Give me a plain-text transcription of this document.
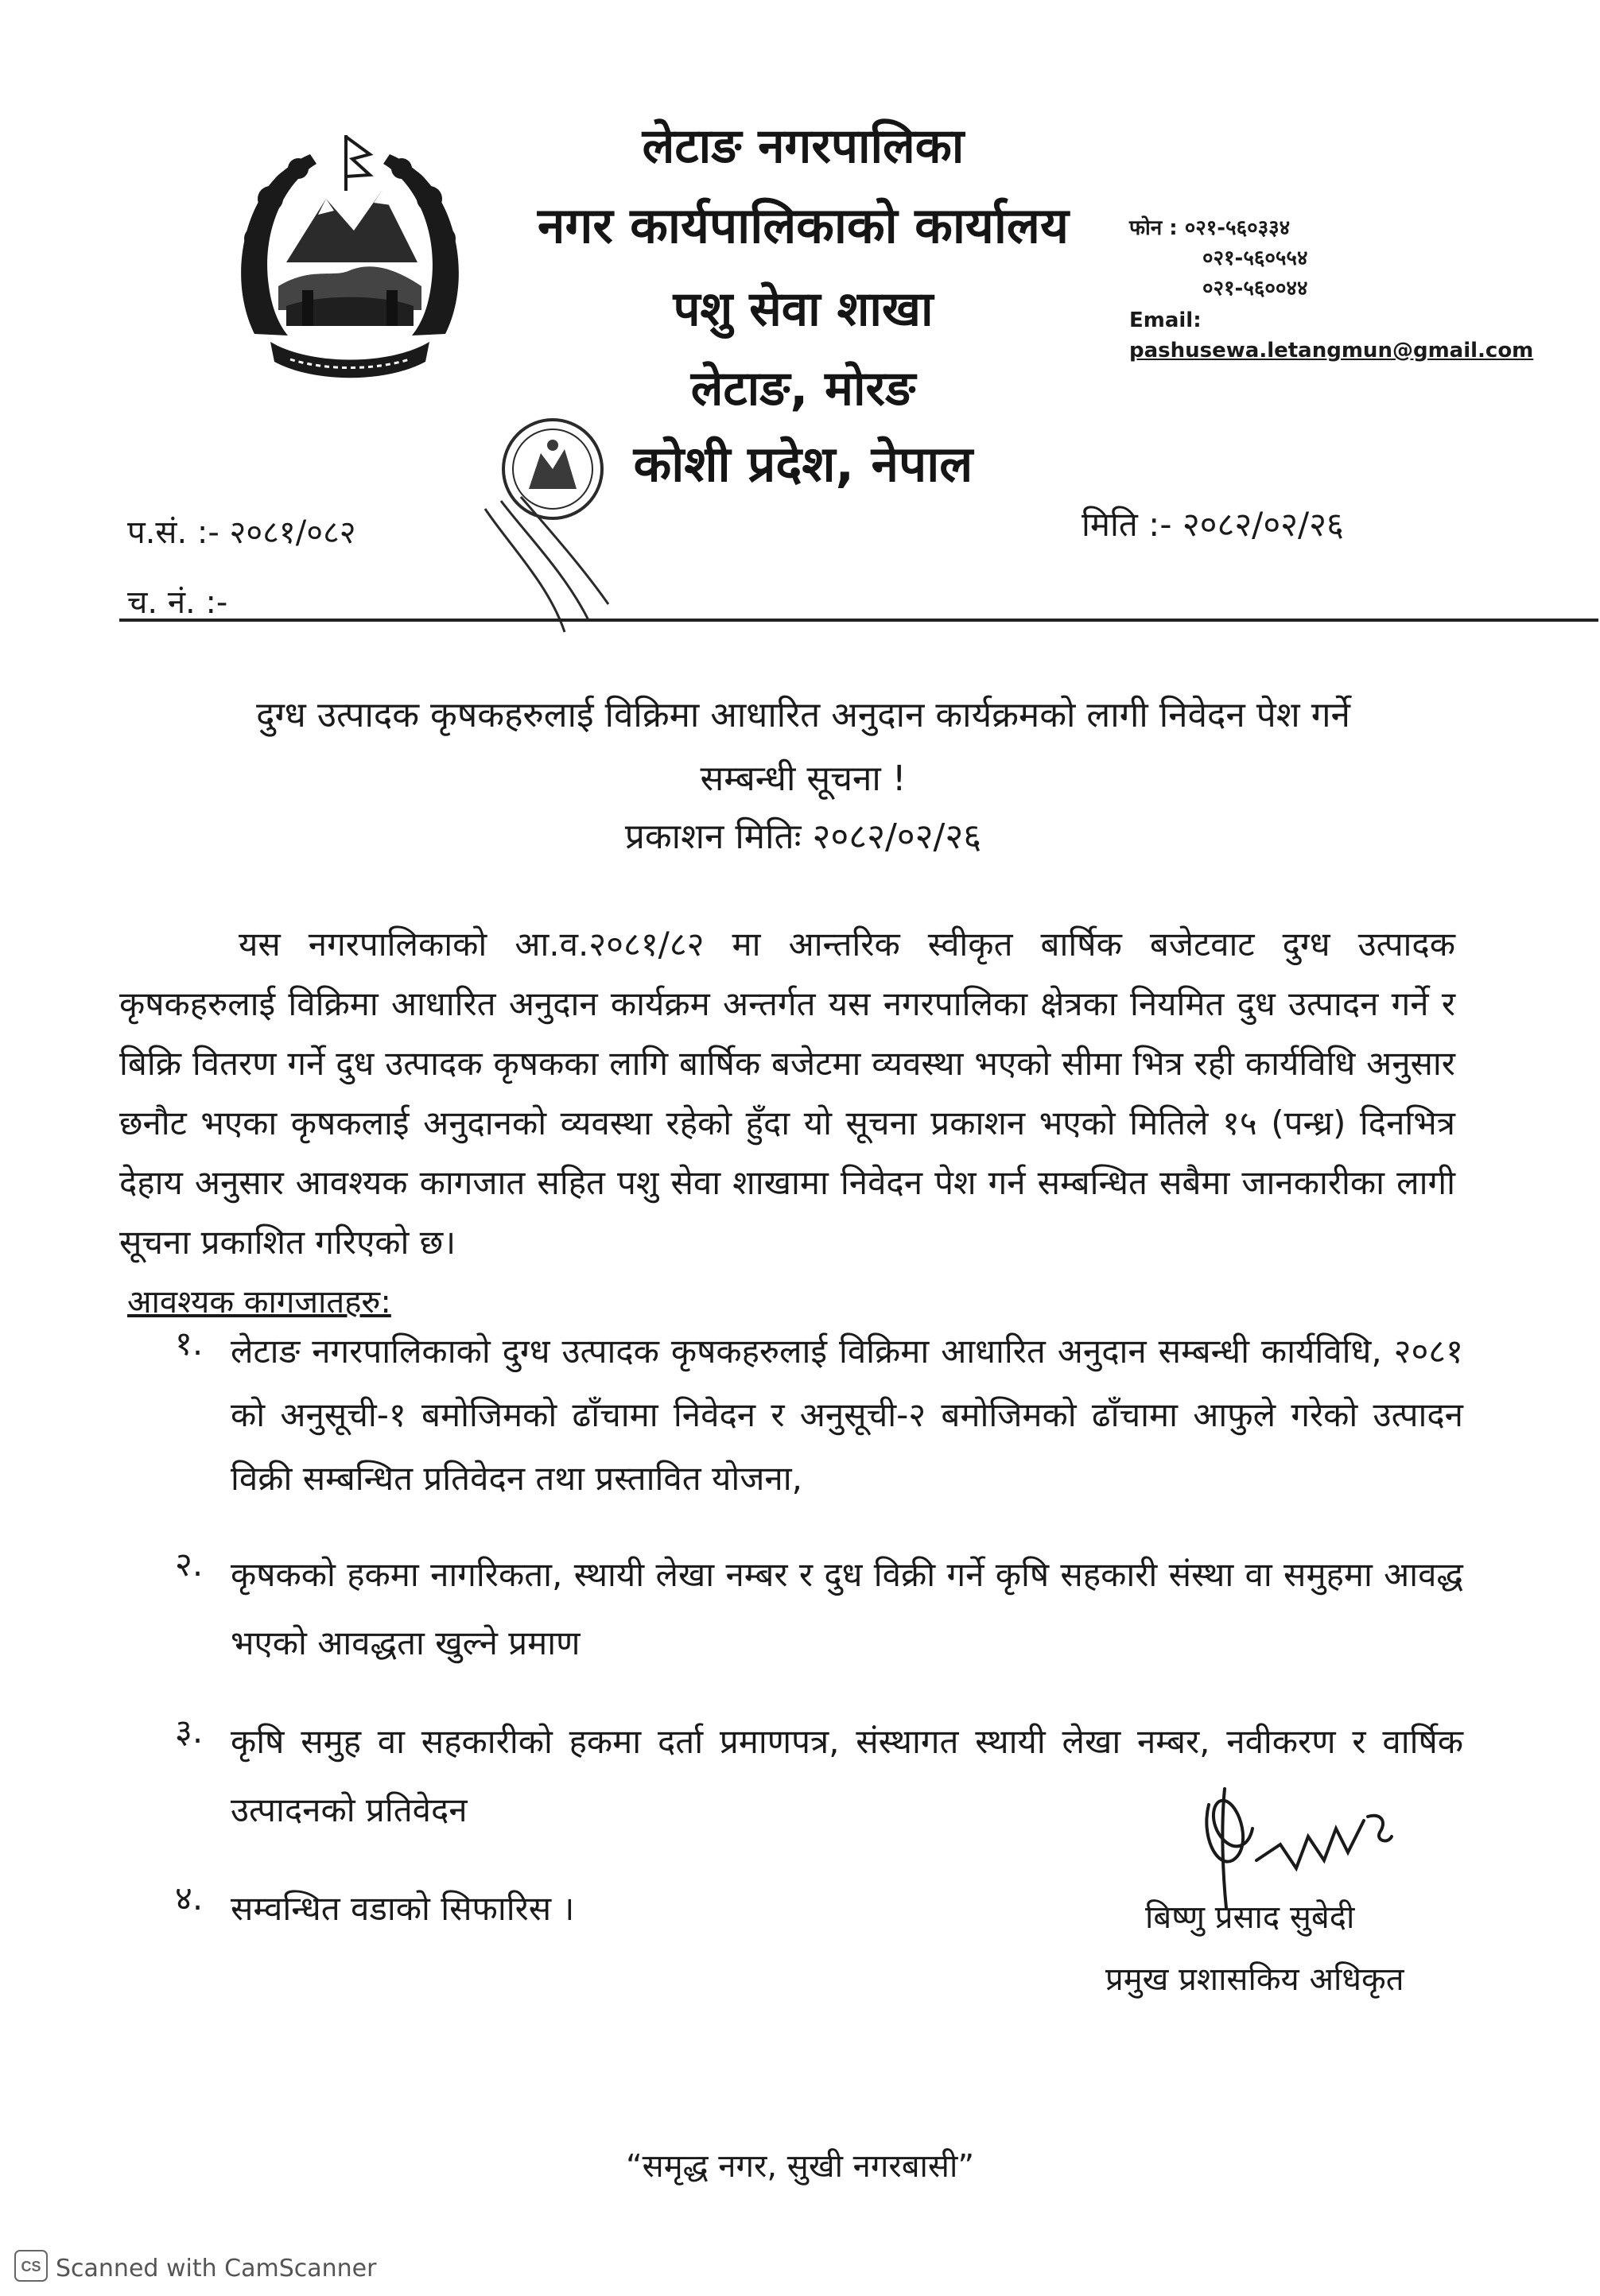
लेटाङ नगरपालिका
नगर कार्यपालिकाको कार्यालय
पशु सेवा शाखा
लेटाङ, मोरङ
कोशी प्रदेश, नेपाल
फोन : ०२१-५६०३३४
०२१-५६०५५४
०२१-५६००४४
Email: pashusewa.letangmun@gmail.com
प.सं. :- २०८१/०८२
च. नं. :-
मिति :- २०८२/०२/२६
दुग्ध उत्पादक कृषकहरुलाई विक्रिमा आधारित अनुदान कार्यक्रमको लागी निवेदन पेश गर्ने
सम्बन्धी सूचना !
प्रकाशन मितिः २०८२/०२/२६
यस नगरपालिकाको आ.व.२०८१/८२ मा आन्तरिक स्वीकृत बार्षिक बजेटवाट दुग्ध उत्पादक कृषकहरुलाई विक्रिमा आधारित अनुदान कार्यक्रम अन्तर्गत यस नगरपालिका क्षेत्रका नियमित दुध उत्पादन गर्ने र बिक्रि वितरण गर्ने दुध उत्पादक कृषकका लागि बार्षिक बजेटमा व्यवस्था भएको सीमा भित्र रही कार्यविधि अनुसार छनौट भएका कृषकलाई अनुदानको व्यवस्था रहेको हुँदा यो सूचना प्रकाशन भएको मितिले १५ (पन्ध्र) दिनभित्र देहाय अनुसार आवश्यक कागजात सहित पशु सेवा शाखामा निवेदन पेश गर्न सम्बन्धित सबैमा जानकारीका लागी सूचना प्रकाशित गरिएको छ।
आवश्यक कागजातहरु:
१. लेटाङ नगरपालिकाको दुग्ध उत्पादक कृषकहरुलाई विक्रिमा आधारित अनुदान सम्बन्धी कार्यविधि, २०८१ को अनुसूची-१ बमोजिमको ढाँचामा निवेदन र अनुसूची-२ बमोजिमको ढाँचामा आफुले गरेको उत्पादन विक्री सम्बन्धित प्रतिवेदन तथा प्रस्तावित योजना,
२. कृषकको हकमा नागरिकता, स्थायी लेखा नम्बर र दुध विक्री गर्ने कृषि सहकारी संस्था वा समुहमा आवद्ध भएको आवद्धता खुल्ने प्रमाण
३. कृषि समुह वा सहकारीको हकमा दर्ता प्रमाणपत्र, संस्थागत स्थायी लेखा नम्बर, नवीकरण र वार्षिक उत्पादनको प्रतिवेदन
४. सम्वन्धित वडाको सिफारिस ।	बिष्णु प्रसाद सुबेदी
प्रमुख प्रशासकिय अधिकृत
“समृद्ध नगर, सुखी नगरबासी”
CS Scanned with CamScanner
